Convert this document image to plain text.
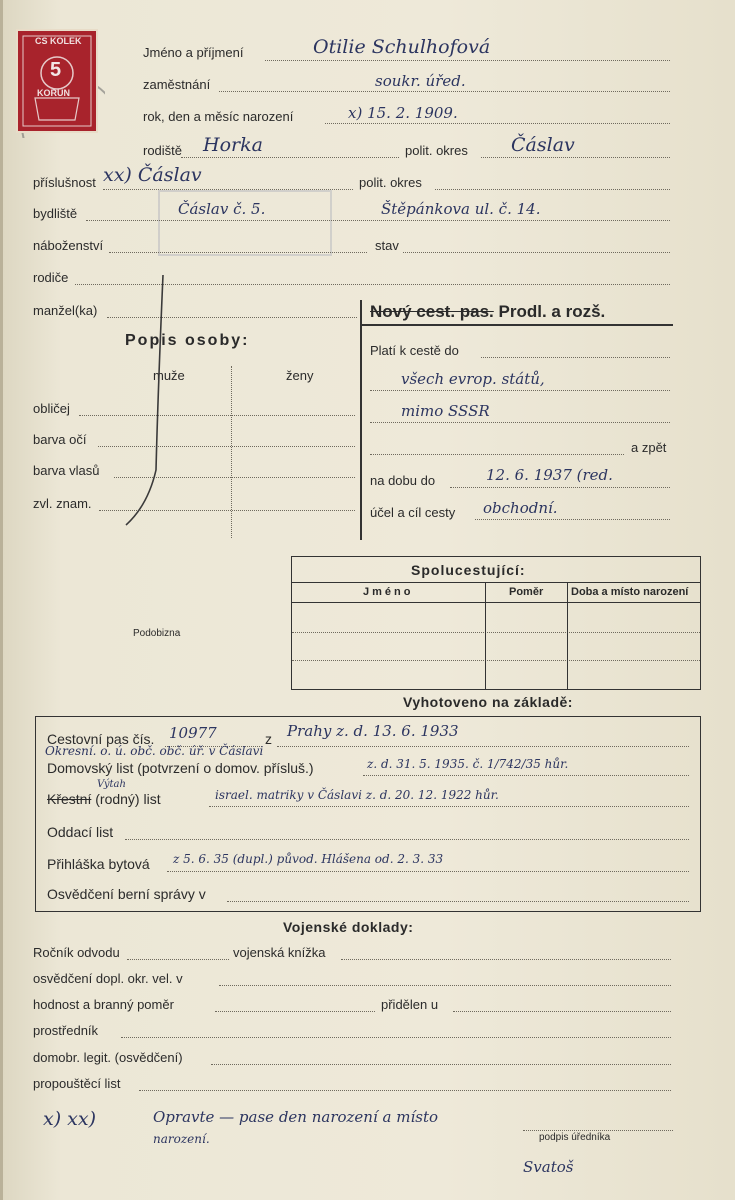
CS KOLEK
5
KORUN
Jméno a příjmení	Otilie Schulhofová
zaměstnání	soukr. úřed.
rok, den a měsíc narození	x) 15. 2. 1909.
rodiště Horka	polit. okres Čáslav
příslušnost xx) Čáslav	polit. okres
bydliště	Čáslav č. 5.	Štěpánkova ul. č. 14.
náboženství	stav
rodiče
manžel(ka)
Popis osoby:
muže	ženy
obličej
barva očí
barva vlasů
zvl. znam.
Nový cest. pas. Prodl. a rozš.
Platí k cestě do
všech evrop. států,
mimo SSSR
a zpět
na dobu do	12. 6. 1937 (red.
účel a cíl cesty obchodní.
Podobizna
Spolucestující:
Jméno	Poměr	Doba a místo narození
Vyhotoveno na základě:
Cestovní pas čís. 10977	z Prahy z. d. 13. 6. 1933
Okresní. o. ú. obč. obč. úř. v Čáslavi
Domovský list (potvrzení o domov. přísluš.)	z. d. 31. 5. 1935. č. 1/742/35 hůr.
Výtah
Křestní (rodný) list	israel. matriky v Čáslavi z. d. 20. 12. 1922 hůr.
Oddací list
Přihláška bytová z 5. 6. 35 (dupl.) původ. Hlášena od. 2. 3. 33
Osvědčení berní správy v
Vojenské doklady:
Ročník odvodu	vojenská knížka
osvědčení dopl. okr. vel. v
hodnost a branný poměr	přidělen u
prostředník
domobr. legit. (osvědčení)
propouštěcí list
x) xx)	Opravte — pase den narození a místo
narození.	podpis úředníka
Svatoš
